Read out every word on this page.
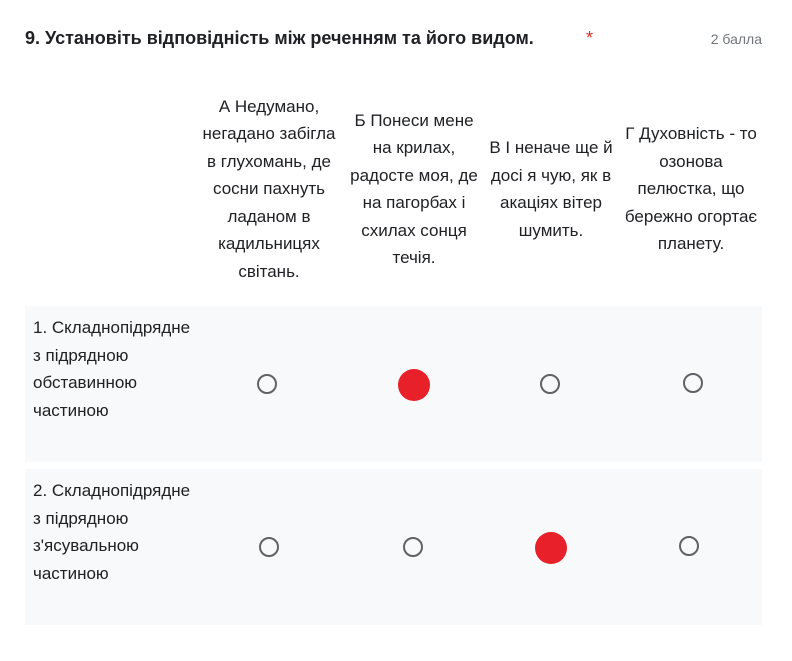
9. Установіть відповідність між реченням та його видом.	*	2 балла
А Недумано, негадано забігла в глухомань, де сосни пахнуть ладаном в кадильницях світань.
Б Понеси мене на крилах, радосте моя, де на пагорбах і схилах сонця течія.
В І неначе ще й досі я чую, як в акаціях вітер шумить.
Г Духовність - то озонова пелюстка, що бережно огортає планету.
1. Складнопідрядне з підрядною обставинною частиною
2. Складнопідрядне з підрядною з'ясувальною частиною
